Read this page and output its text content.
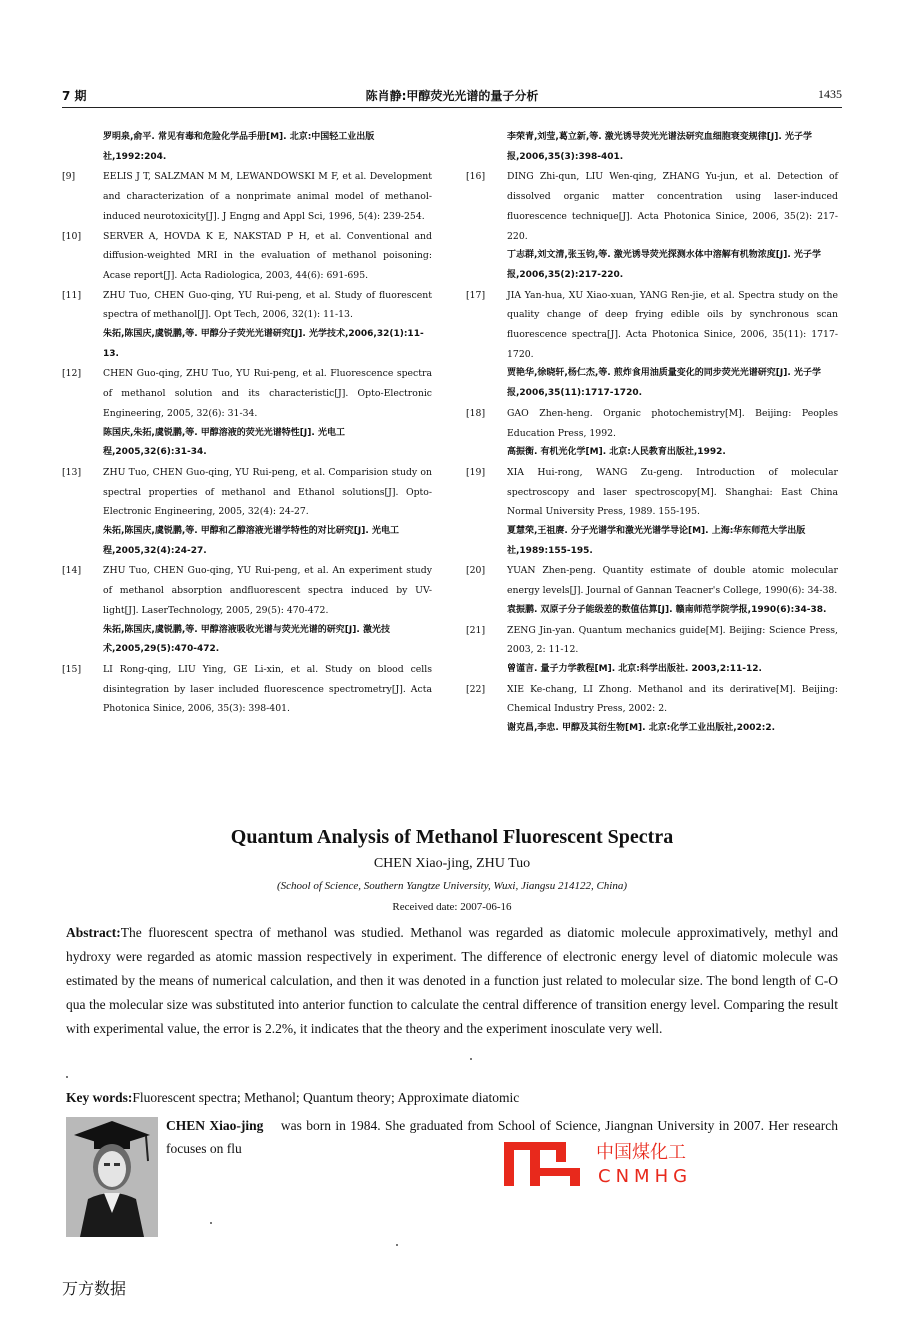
7 期	陈肖静:甲醇荧光光谱的量子分析	1435
罗明泉,俞平. 常见有毒和危险化学品手册[M]. 北京:中国轻工业出版社,1992:204.
[9]	EELIS J T, SALZMAN M M, LEWANDOWSKI M F, et al. Development and characterization of a nonprimate animal model of methanol-induced neurotoxicity[J]. J Engng and Appl Sci, 1996, 5(4): 239-254.
[10] SERVER A, HOVDA K E, NAKSTAD P H, et al. Conventional and diffusion-weighted MRI in the evaluation of methanol poisoning: Acase report[J]. Acta Radiologica, 2003, 44(6): 691-695.
[11] ZHU Tuo, CHEN Guo-qing, YU Rui-peng, et al. Study of fluorescent spectra of methanol[J]. Opt Tech, 2006, 32(1): 11-13.
朱拓,陈国庆,虞锐鹏,等. 甲醇分子荧光光谱研究[J]. 光学技术,2006,32(1):11-13.
[12] CHEN Guo-qing, ZHU Tuo, YU Rui-peng, et al. Fluorescence spectra of methanol solution and its characteristic[J]. Opto-Electronic Engineering, 2005, 32(6): 31-34.
陈国庆,朱拓,虞锐鹏,等. 甲醇溶液的荧光光谱特性[J]. 光电工程,2005,32(6):31-34.
[13] ZHU Tuo, CHEN Guo-qing, YU Rui-peng, et al. Comparision study on spectral properties of methanol and Ethanol solutions[J]. Opto-Electronic Engineering, 2005, 32(4): 24-27.
朱拓,陈国庆,虞锐鹏,等. 甲醇和乙醇溶液光谱学特性的对比研究[J]. 光电工程,2005,32(4):24-27.
[14] ZHU Tuo, CHEN Guo-qing, YU Rui-peng, et al. An experiment study of methanol absorption andfluorescent spectra induced by UV-light[J]. LaserTechnology, 2005, 29(5): 470-472.
朱拓,陈国庆,虞锐鹏,等. 甲醇溶液吸收光谱与荧光光谱的研究[J]. 激光技术,2005,29(5):470-472.
[15] LI Rong-qing, LIU Ying, GE Li-xin, et al. Study on blood cells disintegration by laser included fluorescence spectrometry[J]. Acta Photonica Sinice, 2006, 35(3): 398-401.
李荣青,刘莹,葛立新,等. 激光诱导荧光光谱法研究血细胞衰变规律[J]. 光子学报,2006,35(3):398-401.
[16] DING Zhi-qun, LIU Wen-qing, ZHANG Yu-jun, et al. Detection of dissolved organic matter concentration using laser-induced fluorescence technique[J]. Acta Photonica Sinice, 2006, 35(2): 217-220.
丁志群,刘文清,张玉钧,等. 激光诱导荧光探测水体中溶解有机物浓度[J]. 光子学报,2006,35(2):217-220.
[17] JIA Yan-hua, XU Xiao-xuan, YANG Ren-jie, et al. Spectra study on the quality change of deep frying edible oils by synchronous scan fluorescence spectra[J]. Acta Photonica Sinice, 2006, 35(11): 1717-1720.
贾艳华,徐晓轩,杨仁杰,等. 煎炸食用油质量变化的同步荧光光谱研究[J]. 光子学报,2006,35(11):1717-1720.
[18] GAO Zhen-heng. Organic photochemistry[M]. Beijing: Peoples Education Press, 1992.
高振衡. 有机光化学[M]. 北京:人民教育出版社,1992.
[19] XIA Hui-rong, WANG Zu-geng. Introduction of molecular spectroscopy and laser spectroscopy[M]. Shanghai: East China Normal University Press, 1989. 155-195.
夏慧荣,王祖赓. 分子光谱学和激光光谱学导论[M]. 上海:华东师范大学出版社,1989:155-195.
[20] YUAN Zhen-peng. Quantity estimate of double atomic molecular energy levels[J]. Journal of Gannan Teacner's College, 1990(6): 34-38.
袁振鹏. 双原子分子能级差的数值估算[J]. 赣南师范学院学报,1990(6):34-38.
[21] ZENG Jin-yan. Quantum mechanics guide[M]. Beijing: Science Press, 2003, 2: 11-12.
曾谨言. 量子力学教程[M]. 北京:科学出版社. 2003,2:11-12.
[22] XIE Ke-chang, LI Zhong. Methanol and its derirative[M]. Beijing: Chemical Industry Press, 2002: 2.
谢克昌,李忠. 甲醇及其衍生物[M]. 北京:化学工业出版社,2002:2.
Quantum Analysis of Methanol Fluorescent Spectra
CHEN Xiao-jing, ZHU Tuo
(School of Science, Southern Yangtze University, Wuxi, Jiangsu 214122, China)
Received date: 2007-06-16
Abstract:The fluorescent spectra of methanol was studied. Methanol was regarded as diatomic molecule approximatively, methyl and hydroxy were regarded as atomic massion respectively in experiment. The difference of electronic energy level of diatomic molecule was estimated by the means of numerical calculation, and then it was denoted in a function just related to molecular size. The bond length of C-O qua the molecular size was substituted into anterior function to calculate the central difference of transition energy level. Comparing the result with experimental value, the error is 2.2%, it indicates that the theory and the experiment inosculate very well.
Key words:Fluorescent spectra; Methanol; Quantum theory; Approximate diatomic
CHEN Xiao-jing was born in 1984. She graduated from School of Science, Jiangnan University in 2007. Her research focuses on flu	中国煤化工
CNMHG
万方数据
